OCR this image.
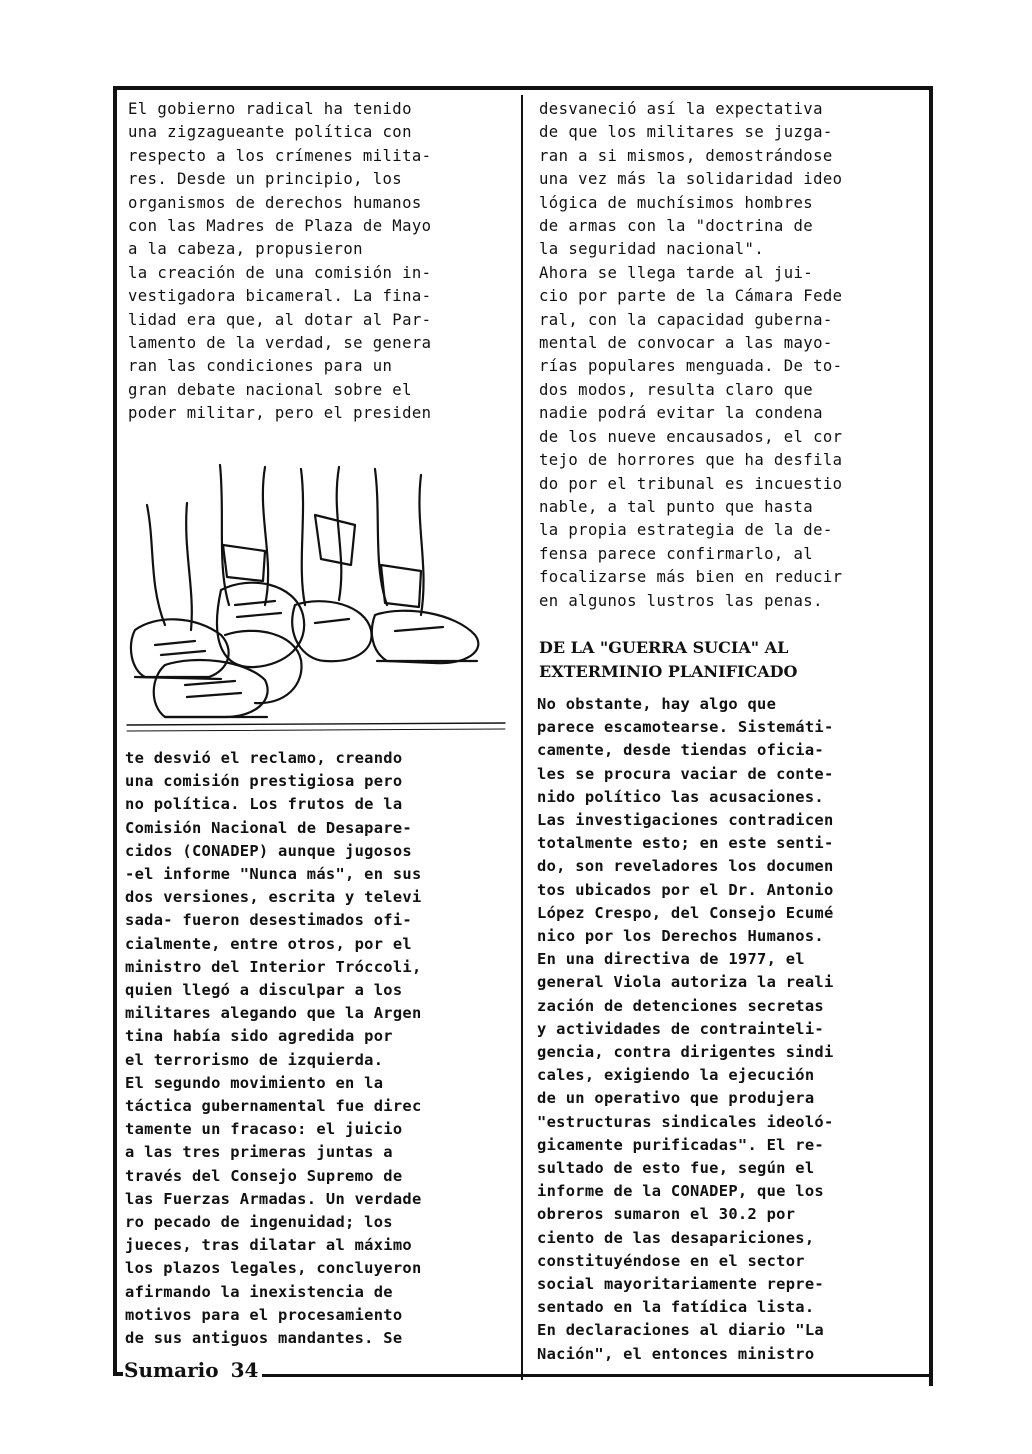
El gobierno radical ha tenido
una zigzagueante política con
respecto a los crímenes milita-
res. Desde un principio, los
organismos de derechos humanos
con las Madres de Plaza de Mayo
a la cabeza, propusieron
la creación de una comisión in-
vestigadora bicameral. La fina-
lidad era que, al dotar al Par-
lamento de la verdad, se genera
ran las condiciones para un
gran debate nacional sobre el
poder militar, pero el presiden
te desvió el reclamo, creando
una comisión prestigiosa pero
no política. Los frutos de la
Comisión Nacional de Desapare-
cidos (CONADEP) aunque jugosos
-el informe "Nunca más", en sus
dos versiones, escrita y televi
sada- fueron desestimados ofi-
cialmente, entre otros, por el
ministro del Interior Tróccoli,
quien llegó a disculpar a los
militares alegando que la Argen
tina había sido agredida por
el terrorismo de izquierda.
El segundo movimiento en la
táctica gubernamental fue direc
tamente un fracaso: el juicio
a las tres primeras juntas a
través del Consejo Supremo de
las Fuerzas Armadas. Un verdade
ro pecado de ingenuidad; los
jueces, tras dilatar al máximo
los plazos legales, concluyeron
afirmando la inexistencia de
motivos para el procesamiento
de sus antiguos mandantes. Se
desvaneció así la expectativa
de que los militares se juzga-
ran a si mismos, demostrándose
una vez más la solidaridad ideo
lógica de muchísimos hombres
de armas con la "doctrina de
la seguridad nacional".
Ahora se llega tarde al jui-
cio por parte de la Cámara Fede
ral, con la capacidad guberna-
mental de convocar a las mayo-
rías populares menguada. De to-
dos modos, resulta claro que
nadie podrá evitar la condena
de los nueve encausados, el cor
tejo de horrores que ha desfila
do por el tribunal es incuestio
nable, a tal punto que hasta
la propia estrategia de la de-
fensa parece confirmarlo, al
focalizarse más bien en reducir
en algunos lustros las penas.
DE LA "GUERRA SUCIA" AL
EXTERMINIO PLANIFICADO
No obstante, hay algo que
parece escamotearse. Sistemáti-
camente, desde tiendas oficia-
les se procura vaciar de conte-
nido político las acusaciones.
Las investigaciones contradicen
totalmente esto; en este senti-
do, son reveladores los documen
tos ubicados por el Dr. Antonio
López Crespo, del Consejo Ecumé
nico por los Derechos Humanos.
En una directiva de 1977, el
general Viola autoriza la reali
zación de detenciones secretas
y actividades de contrainteli-
gencia, contra dirigentes sindi
cales, exigiendo la ejecución
de un operativo que produjera
"estructuras sindicales ideoló-
gicamente purificadas". El re-
sultado de esto fue, según el
informe de la CONADEP, que los
obreros sumaron el 30.2 por
ciento de las desapariciones,
constituyéndose en el sector
social mayoritariamente repre-
sentado en la fatídica lista.
En declaraciones al diario "La
Nación", el entonces ministro
Sumario 34
